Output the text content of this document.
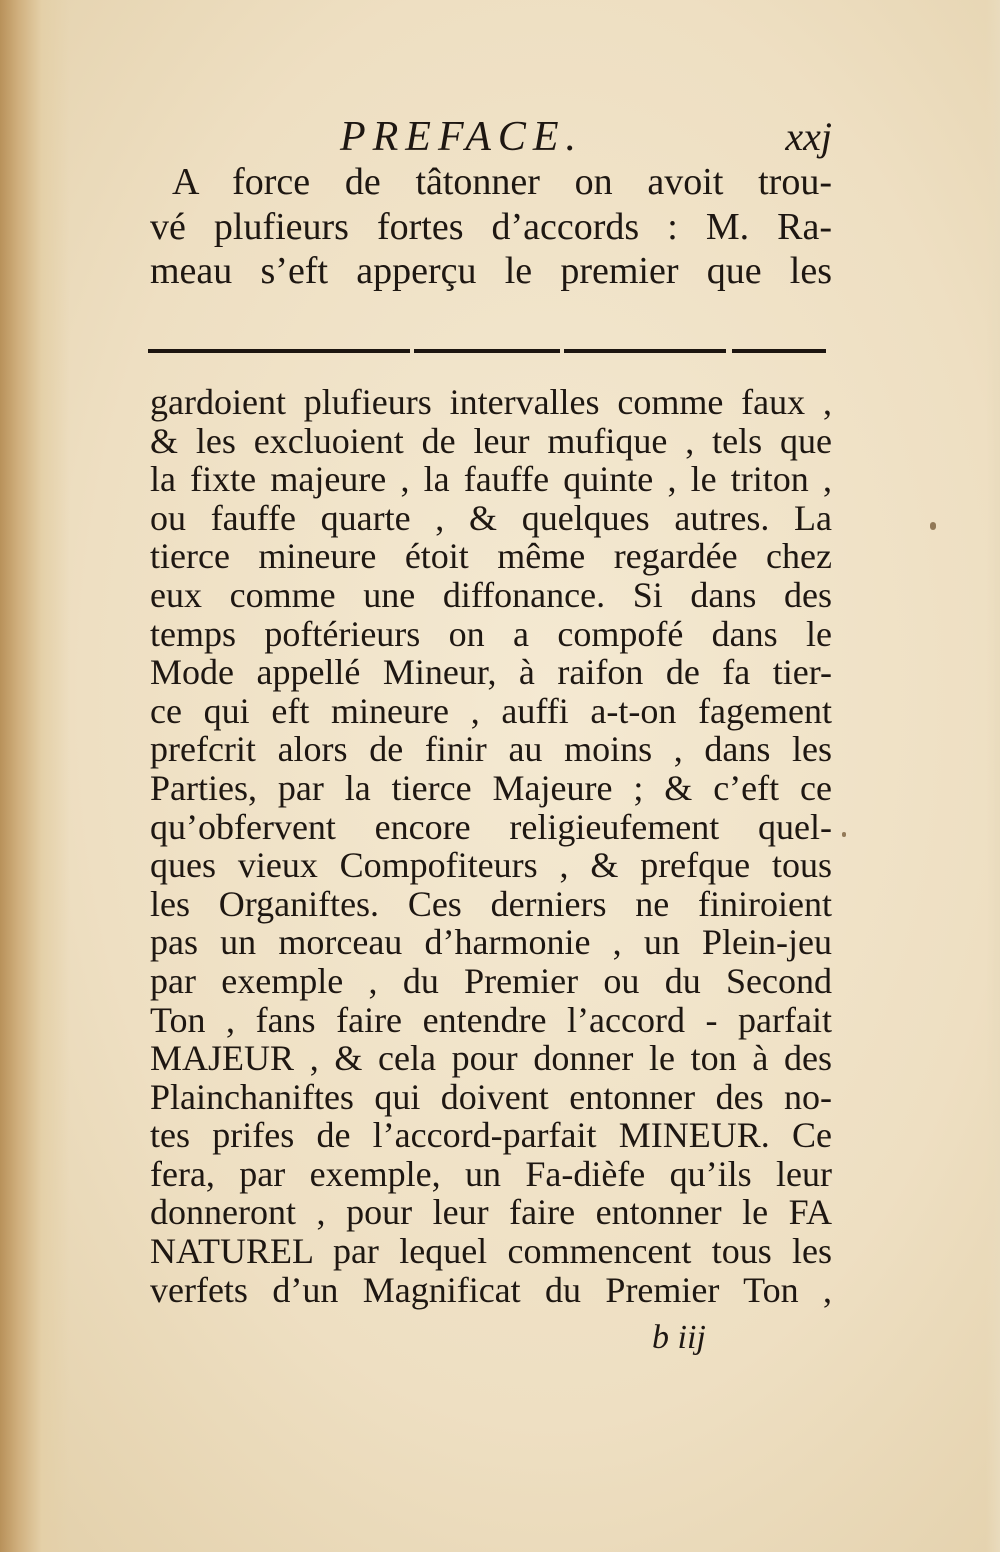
PREFACE.	xxj
A force de tâtonner on avoit trou-
vé plufieurs fortes d’accords : M. Ra-
meau s’eft apperçu le premier que les
gardoient plufieurs intervalles comme faux ,
& les excluoient de leur mufique , tels que
la fixte majeure , la fauffe quinte , le triton ,
ou fauffe quarte , & quelques autres. La
tierce mineure étoit même regardée chez
eux comme une diffonance. Si dans des
temps poftérieurs on a compofé dans le
Mode appellé Mineur, à raifon de fa tier-
ce qui eft mineure , auffi a-t-on fagement
prefcrit alors de finir au moins , dans les
Parties, par la tierce Majeure ; & c’eft ce
qu’obfervent encore religieufement quel-
ques vieux Compofiteurs , & prefque tous
les Organiftes. Ces derniers ne finiroient
pas un morceau d’harmonie , un Plein-jeu
par exemple , du Premier ou du Second
Ton , fans faire entendre l’accord - parfait
MAJEUR , & cela pour donner le ton à des
Plainchaniftes qui doivent entonner des no-
tes prifes de l’accord-parfait MINEUR. Ce
fera, par exemple, un Fa-dièfe qu’ils leur
donneront , pour leur faire entonner le FA
NATUREL par lequel commencent tous les
verfets d’un Magnificat du Premier Ton ,
b iij
